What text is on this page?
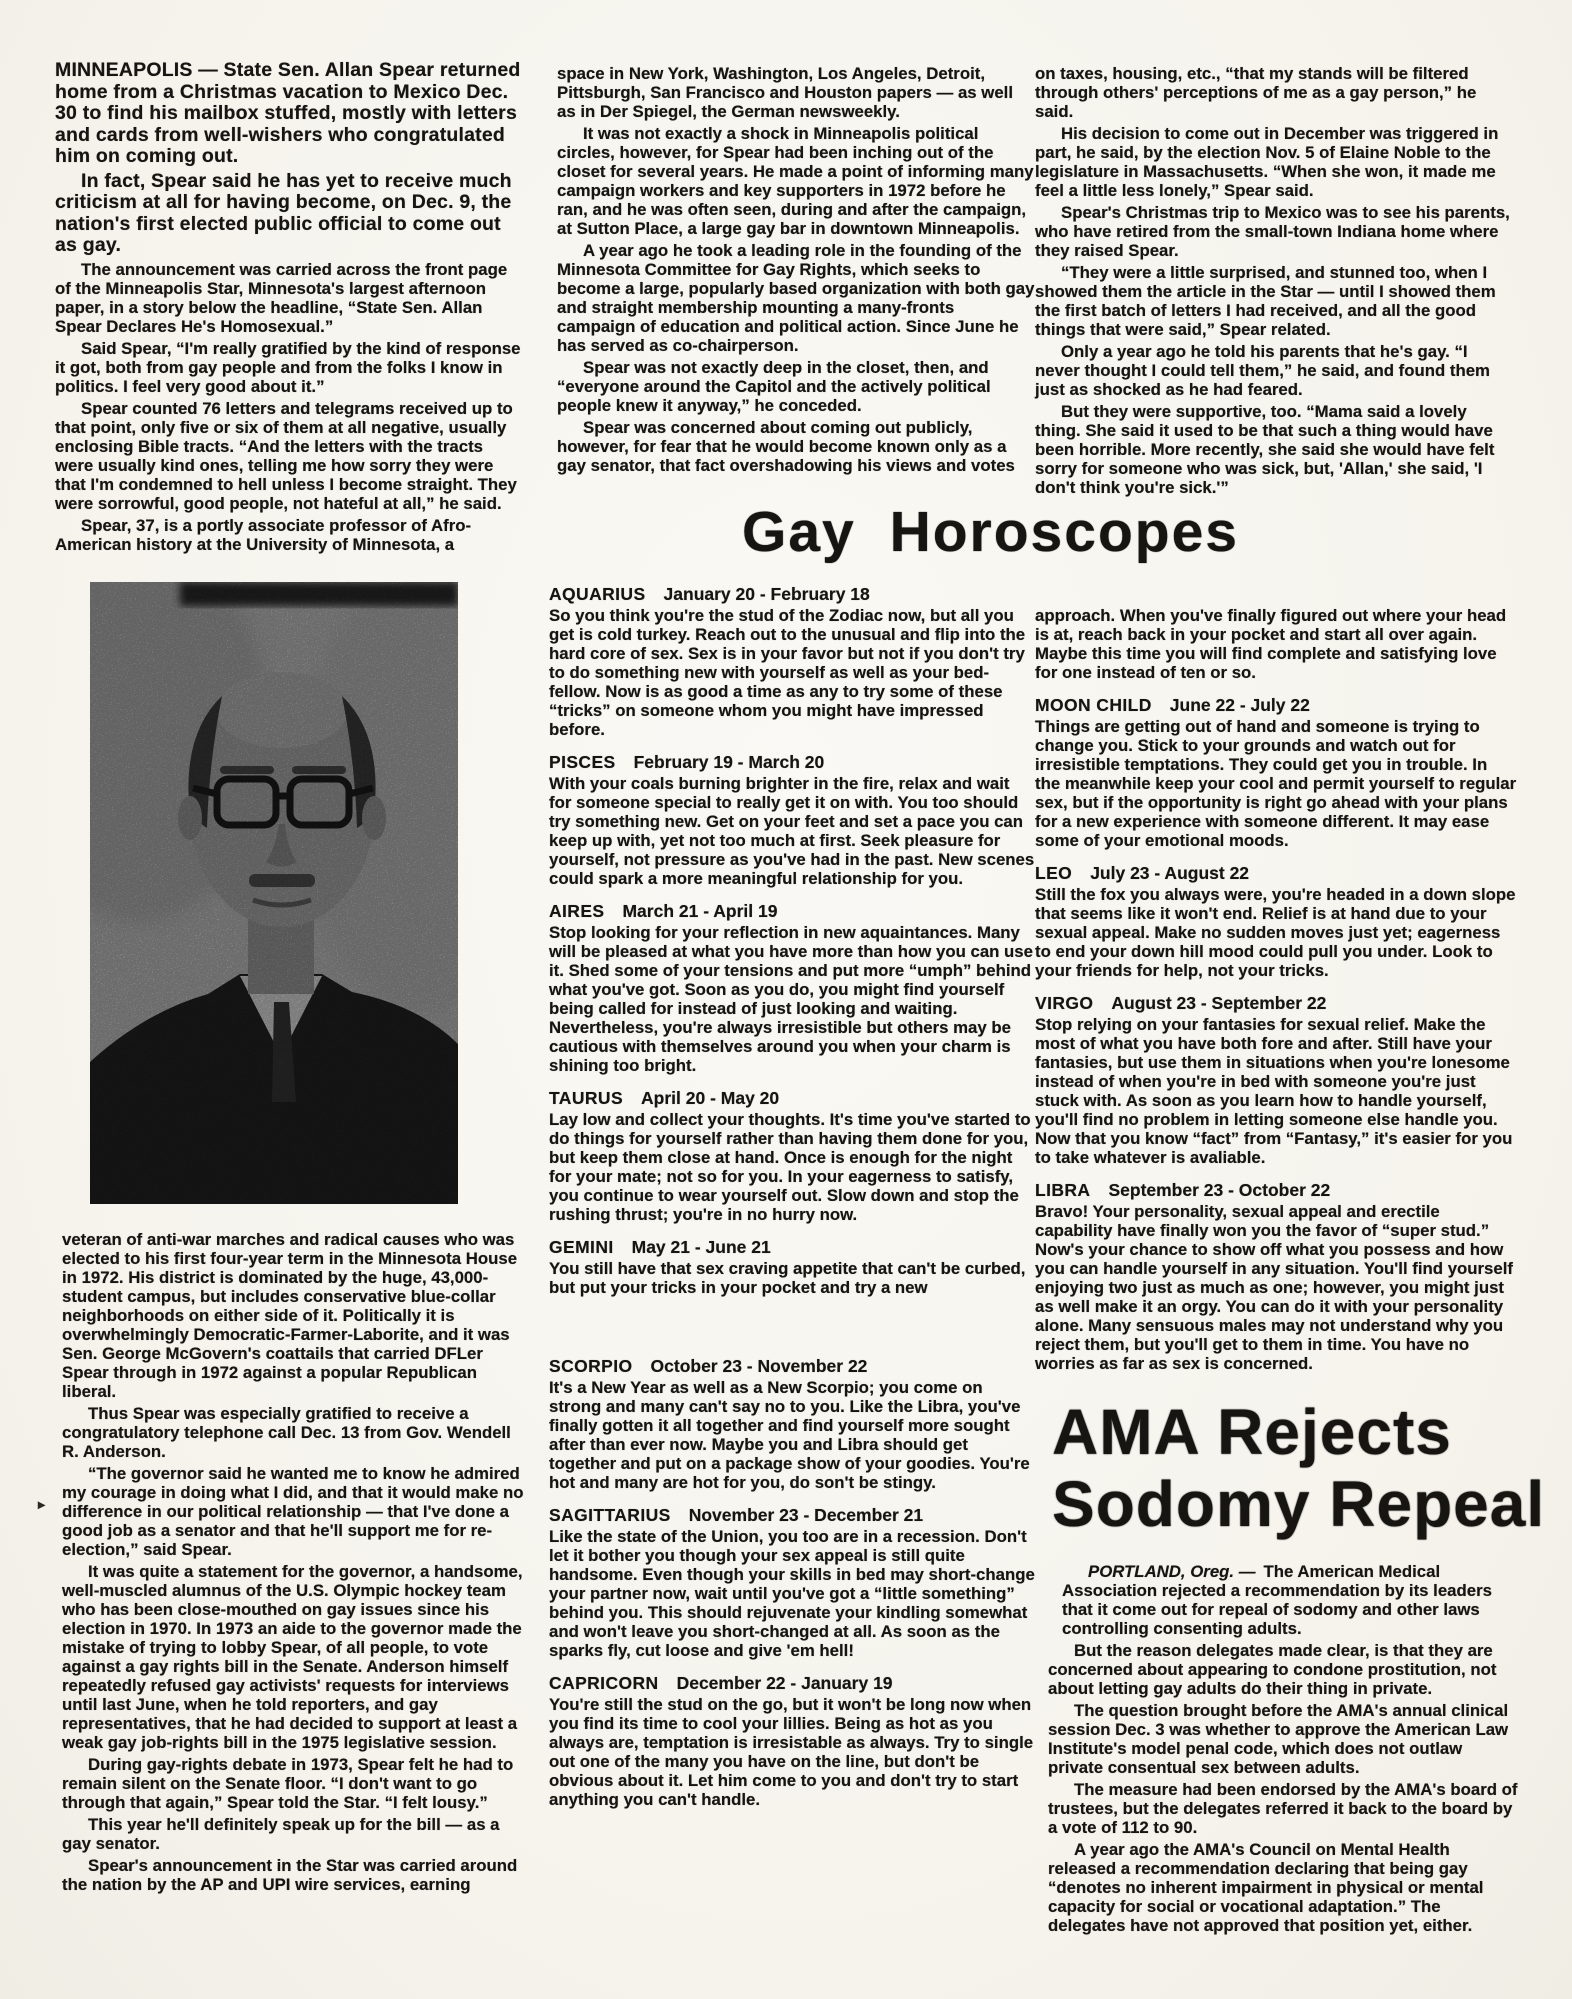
MINNEAPOLIS — State Sen. Allan Spear returned home from a Christmas vacation to Mexico Dec. 30 to find his mailbox stuffed, mostly with letters and cards from well-wishers who congratulated him on coming out.

In fact, Spear said he has yet to receive much criticism at all for having become, on Dec. 9, the nation's first elected public official to come out as gay.

The announcement was carried across the front page of the Minneapolis Star, Minnesota's largest afternoon paper, in a story below the headline, “State Sen. Allan Spear Declares He's Homosexual.”

Said Spear, “I'm really gratified by the kind of response it got, both from gay people and from the folks I know in politics. I feel very good about it.”

Spear counted 76 letters and telegrams received up to that point, only five or six of them at all negative, usually enclosing Bible tracts. “And the letters with the tracts were usually kind ones, telling me how sorry they were that I'm condemned to hell unless I become straight. They were sorrowful, good people, not hateful at all,” he said.

Spear, 37, is a portly associate professor of Afro-American history at the University of Minnesota, a

▸

veteran of anti-war marches and radical causes who was elected to his first four-year term in the Minnesota House in 1972. His district is dominated by the huge, 43,000-student campus, but includes conservative blue-collar neighborhoods on either side of it. Politically it is overwhelmingly Democratic-Farmer-Laborite, and it was Sen. George McGovern's coattails that carried DFLer Spear through in 1972 against a popular Republican liberal.

Thus Spear was especially gratified to receive a congratulatory telephone call Dec. 13 from Gov. Wendell R. Anderson.

“The governor said he wanted me to know he admired my courage in doing what I did, and that it would make no difference in our political relationship — that I've done a good job as a senator and that he'll support me for re-election,” said Spear.

It was quite a statement for the governor, a handsome, well-muscled alumnus of the U.S. Olympic hockey team who has been close-mouthed on gay issues since his election in 1970. In 1973 an aide to the governor made the mistake of trying to lobby Spear, of all people, to vote against a gay rights bill in the Senate. Anderson himself repeatedly refused gay activists' requests for interviews until last June, when he told reporters, and gay representatives, that he had decided to support at least a weak gay job-rights bill in the 1975 legislative session.

During gay-rights debate in 1973, Spear felt he had to remain silent on the Senate floor. “I don't want to go through that again,” Spear told the Star. “I felt lousy.”

This year he'll definitely speak up for the bill — as a gay senator.

Spear's announcement in the Star was carried around the nation by the AP and UPI wire services, earning

space in New York, Washington, Los Angeles, Detroit, Pittsburgh, San Francisco and Houston papers — as well as in Der Spiegel, the German newsweekly.

It was not exactly a shock in Minneapolis political circles, however, for Spear had been inching out of the closet for several years. He made a point of informing many campaign workers and key supporters in 1972 before he ran, and he was often seen, during and after the campaign, at Sutton Place, a large gay bar in downtown Minneapolis.

A year ago he took a leading role in the founding of the Minnesota Committee for Gay Rights, which seeks to become a large, popularly based organization with both gay and straight membership mounting a many-fronts campaign of education and political action. Since June he has served as co-chairperson.

Spear was not exactly deep in the closet, then, and “everyone around the Capitol and the actively political people knew it anyway,” he conceded.

Spear was concerned about coming out publicly, however, for fear that he would become known only as a gay senator, that fact overshadowing his views and votes

on taxes, housing, etc., “that my stands will be filtered through others' perceptions of me as a gay person,” he said.

His decision to come out in December was triggered in part, he said, by the election Nov. 5 of Elaine Noble to the legislature in Massachusetts. “When she won, it made me feel a little less lonely,” Spear said.

Spear's Christmas trip to Mexico was to see his parents, who have retired from the small-town Indiana home where they raised Spear.

“They were a little surprised, and stunned too, when I showed them the article in the Star — until I showed them the first batch of letters I had received, and all the good things that were said,” Spear related.

Only a year ago he told his parents that he's gay. “I never thought I could tell them,” he said, and found them just as shocked as he had feared.

But they were supportive, too. “Mama said a lovely thing. She said it used to be that such a thing would have been horrible. More recently, she said she would have felt sorry for someone who was sick, but, 'Allan,' she said, 'I don't think you're sick.'”

Gay Horoscopes

AQUARIUS January 20 - February 18

So you think you're the stud of the Zodiac now, but all you get is cold turkey. Reach out to the unusual and flip into the hard core of sex. Sex is in your favor but not if you don't try to do something new with yourself as well as your bed-fellow. Now is as good a time as any to try some of these “tricks” on someone whom you might have impressed before.

PISCES February 19 - March 20

With your coals burning brighter in the fire, relax and wait for someone special to really get it on with. You too should try something new. Get on your feet and set a pace you can keep up with, yet not too much at first. Seek pleasure for yourself, not pressure as you've had in the past. New scenes could spark a more meaningful relationship for you.

AIRES March 21 - April 19

Stop looking for your reflection in new aquaintances. Many will be pleased at what you have more than how you can use it. Shed some of your tensions and put more “umph” behind what you've got. Soon as you do, you might find yourself being called for instead of just looking and waiting. Nevertheless, you're always irresistible but others may be cautious with themselves around you when your charm is shining too bright.

TAURUS April 20 - May 20

Lay low and collect your thoughts. It's time you've started to do things for yourself rather than having them done for you, but keep them close at hand. Once is enough for the night for your mate; not so for you. In your eagerness to satisfy, you continue to wear yourself out. Slow down and stop the rushing thrust; you're in no hurry now.

GEMINI May 21 - June 21

You still have that sex craving appetite that can't be curbed, but put your tricks in your pocket and try a new

SCORPIO October 23 - November 22

It's a New Year as well as a New Scorpio; you come on strong and many can't say no to you. Like the Libra, you've finally gotten it all together and find yourself more sought after than ever now. Maybe you and Libra should get together and put on a package show of your goodies. You're hot and many are hot for you, do son't be stingy.

SAGITTARIUS November 23 - December 21

Like the state of the Union, you too are in a recession. Don't let it bother you though your sex appeal is still quite handsome. Even though your skills in bed may short-change your partner now, wait until you've got a “little something” behind you. This should rejuvenate your kindling somewhat and won't leave you short-changed at all. As soon as the sparks fly, cut loose and give 'em hell!

CAPRICORN December 22 - January 19

You're still the stud on the go, but it won't be long now when you find its time to cool your lillies. Being as hot as you always are, temptation is irresistable as always. Try to single out one of the many you have on the line, but don't be obvious about it. Let him come to you and don't try to start anything you can't handle.

approach. When you've finally figured out where your head is at, reach back in your pocket and start all over again. Maybe this time you will find complete and satisfying love for one instead of ten or so.

MOON CHILD June 22 - July 22

Things are getting out of hand and someone is trying to change you. Stick to your grounds and watch out for irresistible temptations. They could get you in trouble. In the meanwhile keep your cool and permit yourself to regular sex, but if the opportunity is right go ahead with your plans for a new experience with someone different. It may ease some of your emotional moods.

LEO July 23 - August 22

Still the fox you always were, you're headed in a down slope that seems like it won't end. Relief is at hand due to your sexual appeal. Make no sudden moves just yet; eagerness to end your down hill mood could pull you under. Look to your friends for help, not your tricks.

VIRGO August 23 - September 22

Stop relying on your fantasies for sexual relief. Make the most of what you have both fore and after. Still have your fantasies, but use them in situations when you're lonesome instead of when you're in bed with someone you're just stuck with. As soon as you learn how to handle yourself, you'll find no problem in letting someone else handle you. Now that you know “fact” from “Fantasy,” it's easier for you to take whatever is avaliable.

LIBRA September 23 - October 22

Bravo! Your personality, sexual appeal and erectile capability have finally won you the favor of “super stud.” Now's your chance to show off what you possess and how you can handle yourself in any situation. You'll find yourself enjoying two just as much as one; however, you might just as well make it an orgy. You can do it with your personality alone. Many sensuous males may not understand why you reject them, but you'll get to them in time. You have no worries as far as sex is concerned.

AMA Rejects
Sodomy Repeal

PORTLAND, Oreg. — The American Medical Association rejected a recommendation by its leaders that it come out for repeal of sodomy and other laws controlling consenting adults.

But the reason delegates made clear, is that they are concerned about appearing to condone prostitution, not about letting gay adults do their thing in private.

The question brought before the AMA's annual clinical session Dec. 3 was whether to approve the American Law Institute's model penal code, which does not outlaw private consentual sex between adults.

The measure had been endorsed by the AMA's board of trustees, but the delegates referred it back to the board by a vote of 112 to 90.

A year ago the AMA's Council on Mental Health released a recommendation declaring that being gay “denotes no inherent impairment in physical or mental capacity for social or vocational adaptation.” The delegates have not approved that position yet, either.
